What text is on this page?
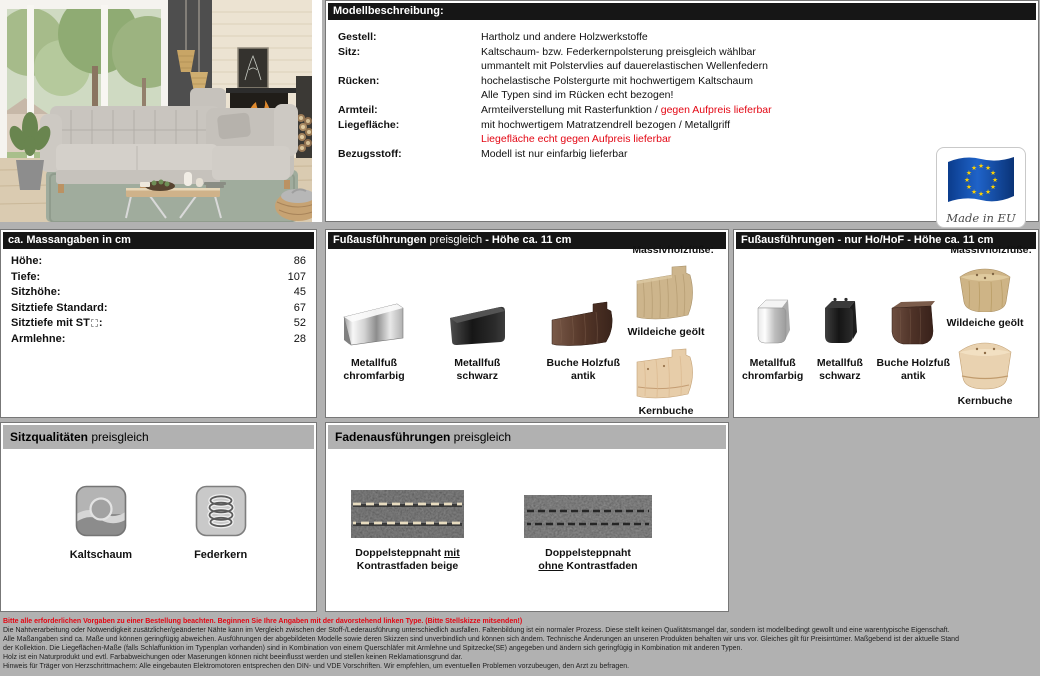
Modellbeschreibung:
Gestell:	Hartholz und andere Holzwerkstoffe
Sitz:	Kaltschaum- bzw. Federkernpolsterung preisgleich wählbar
ummantelt mit Polstervlies auf dauerelastischen Wellenfedern
Rücken:	hochelastische Polstergurte mit hochwertigem Kaltschaum
Alle Typen sind im Rücken echt bezogen!
Armteil:	Armteilverstellung mit Rasterfunktion / gegen Aufpreis lieferbar
Liegefläche:	mit hochwertigem Matratzendrell bezogen / Metallgriff
Liegefläche echt gegen Aufpreis lieferbar
Bezugsstoff:	Modell ist nur einfarbig lieferbar
★ ★
★
★
★
★
★
★
★
★
★
★
Made in EU
ca. Massangaben in cm
Höhe:	86
Tiefe:	107
Sitzhöhe:	45
Sitztiefe Standard:	67
Sitztiefe mit ST :	52
Armlehne:	28
Fußausführungen preisgleich - Höhe ca. 11 cm
Metallfuß
chromfarbig
Metallfuß
schwarz
Buche Holzfuß
antik
Massivholzfüße:
Wildeiche geölt
Kernbuche
Fußausführungen - nur Ho/HoF - Höhe ca. 11 cm
Metallfuß
chromfarbig
Metallfuß
schwarz
Buche Holzfuß
antik
Massivholzfüße:
Wildeiche geölt
Kernbuche
Sitzqualitäten preisgleich
Kaltschaum	Federkern
Fadenausführungen preisgleich
Doppelsteppnaht mit
Kontrastfaden beige
Doppelsteppnaht
ohne Kontrastfaden
Bitte alle erforderlichen Vorgaben zu einer Bestellung beachten. Beginnen Sie Ihre Angaben mit der davorstehend linken Type. (Bitte Stellskizze mitsenden!)
Die Nahtverarbeitung oder Notwendigkeit zusätzlicher/geänderter Nähte kann im Vergleich zwischen der Stoff-/Lederausführung unterschiedlich ausfallen. Faltenbildung ist ein normaler Prozess. Diese stellt keinen Qualitätsmangel dar, sondern ist modellbedingt gewollt und eine warentypische Eigenschaft.
Alle Maßangaben sind ca. Maße und können geringfügig abweichen. Ausführungen der abgebildeten Modelle sowie deren Skizzen sind unverbindlich und können sich ändern. Technische Änderungen an unseren Produkten behalten wir uns vor. Gleiches gilt für Preisirrtümer. Maßgebend ist der aktuelle Stand
der Kollektion. Die Liegeflächen-Maße (falls Schlaffunktion im Typenplan vorhanden) sind in Kombination von einem Querschläfer mit Armlehne und Spitzecke(SE) angegeben und ändern sich geringfügig in Kombination mit anderen Typen.
Holz ist ein Naturprodukt und evtl. Farbabweichungen oder Maserungen können nicht beeinflusst werden und stellen keinen Reklamationsgrund dar.
Hinweis für Träger von Herzschrittmachern: Alle eingebauten Elektromotoren entsprechen den DIN- und VDE Vorschriften. Wir empfehlen, um eventuellen Problemen vorzubeugen, den Arzt zu befragen.
